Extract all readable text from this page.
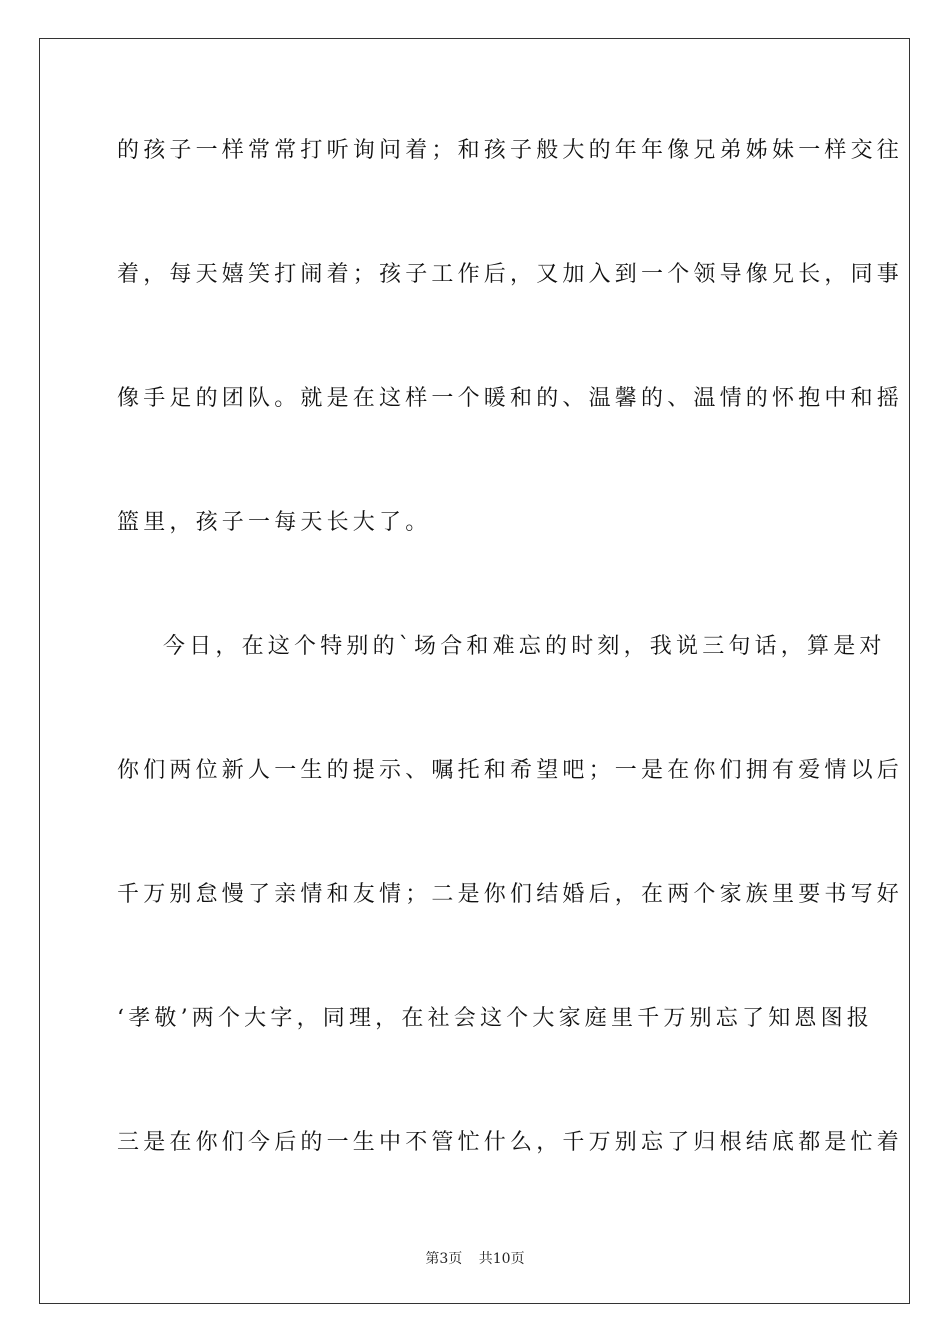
的孩子一样常常打听询问着；和孩子般大的年年像兄弟姊妹一样交往
着，每天嬉笑打闹着；孩子工作后，又加入到一个领导像兄长，同事
像手足的团队。就是在这样一个暖和的、温馨的、温情的怀抱中和摇
篮里，孩子一每天长大了。
今日，在这个特别的`场合和难忘的时刻，我说三句话，算是对
你们两位新人一生的提示、嘱托和希望吧；一是在你们拥有爱情以后
千万别怠慢了亲情和友情；二是你们结婚后，在两个家族里要书写好
‘孝敬’两个大字，同理，在社会这个大家庭里千万别忘了知恩图报
三是在你们今后的一生中不管忙什么，千万别忘了归根结底都是忙着
第3页 共10页
